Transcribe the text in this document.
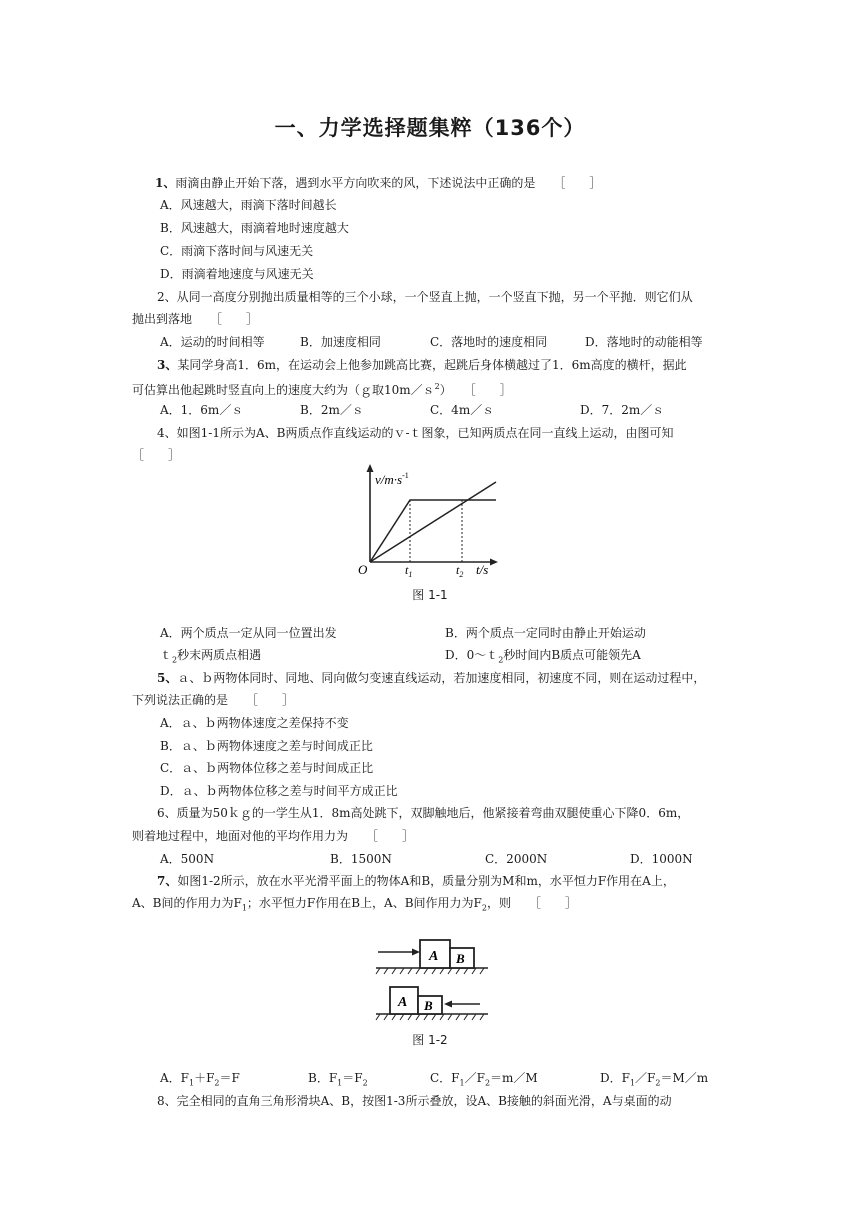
一、力学选择题集粹（136个）
1、雨滴由静止开始下落，遇到水平方向吹来的风，下述说法中正确的是　　［　　］
A．风速越大，雨滴下落时间越长
B．风速越大，雨滴着地时速度越大
C．雨滴下落时间与风速无关
D．雨滴着地速度与风速无关
2、从同一高度分别抛出质量相等的三个小球，一个竖直上抛，一个竖直下抛，另一个平抛．则它们从
抛出到落地　　［　　］
A．运动的时间相等	B．加速度相同	C．落地时的速度相同	D．落地时的动能相等
3、某同学身高1．6m，在运动会上他参加跳高比赛，起跳后身体横越过了1．6m高度的横杆，据此
可估算出他起跳时竖直向上的速度大约为（ｇ取10m／ｓ$^2$）　　［　　］
A．1．6m／ｓ	B．2m／ｓ	C．4m／ｓ	D．7．2m／ｓ
4、如图1-1所示为A、B两质点作直线运动的ｖ-ｔ图象，已知两质点在同一直线上运动，由图可知
［　　］
$v/m\cdot s^{-1}$
O	$t_1$	$t_2$ t/s
图 1-1
A．两个质点一定从同一位置出发	B．两个质点一定同时由静止开始运动
ｔ$_2$秒末两质点相遇	D．0～ｔ$_2$秒时间内B质点可能领先A
5、ａ、ｂ两物体同时、同地、同向做匀变速直线运动，若加速度相同，初速度不同，则在运动过程中，
下列说法正确的是　　［　　］
A．ａ、ｂ两物体速度之差保持不变
B．ａ、ｂ两物体速度之差与时间成正比
C．ａ、ｂ两物体位移之差与时间成正比
D．ａ、ｂ两物体位移之差与时间平方成正比
6、质量为50ｋｇ的一学生从1．8m高处跳下，双脚触地后，他紧接着弯曲双腿使重心下降0．6m，
则着地过程中，地面对他的平均作用力为　　［　　］
A．500N	B．1500N	C．2000N	D．1000N
7、如图1-2所示，放在水平光滑平面上的物体A和B，质量分别为M和m，水平恒力F作用在A上，
A、B间的作用力为$F_1$；水平恒力F作用在B上，A、B间作用力为$F_2$，则　　［　　］
A B
A B
图 1-2
A．$F_1+F_2=F$	B．$F_1=F_2$	C．$F_1/F_2=m/M$	D．$F_1/F_2=M/m$
8、完全相同的直角三角形滑块A、B，按图1-3所示叠放，设A、B接触的斜面光滑，A与桌面的动
